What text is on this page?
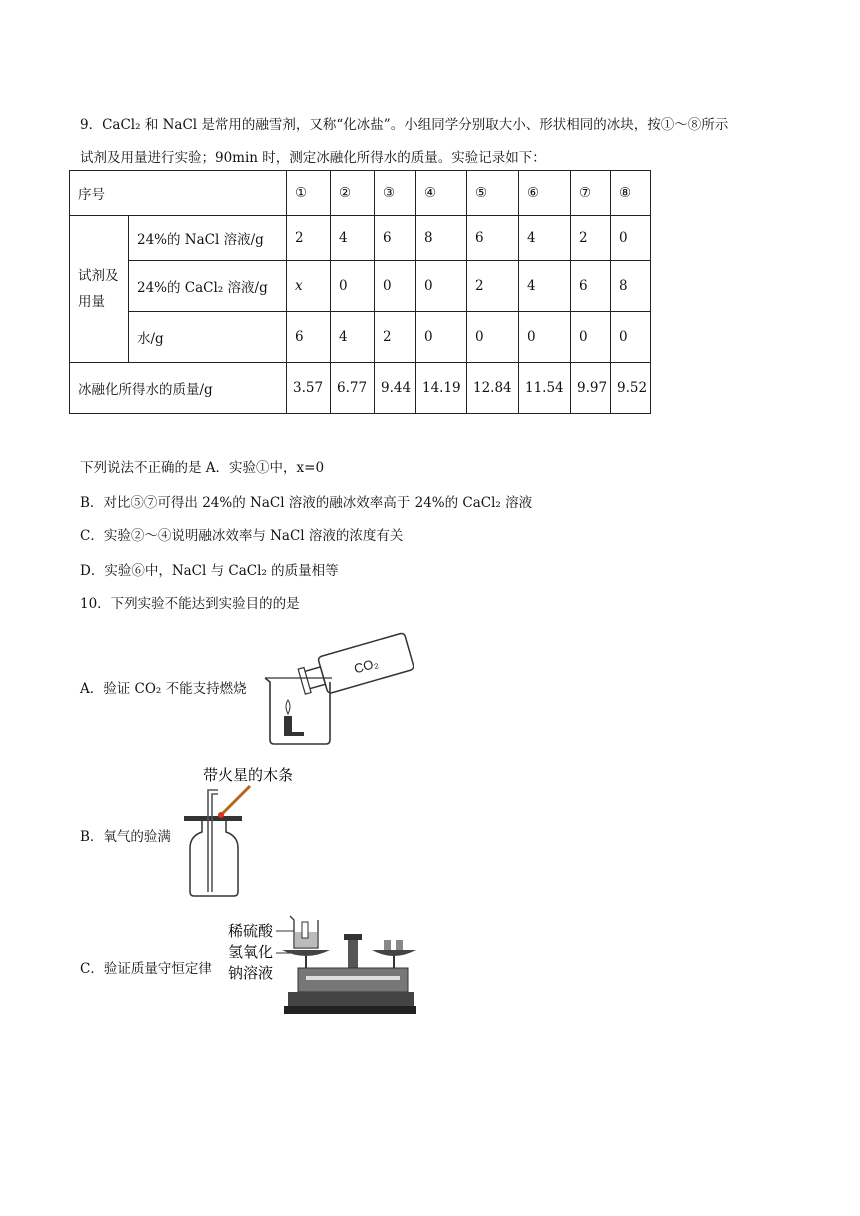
9．CaCl₂ 和 NaCl 是常用的融雪剂，又称“化冰盐”。小组同学分别取大小、形状相同的冰块，按①～⑧所示
试剂及用量进行实验；90min 时，测定冰融化所得水的质量。实验记录如下：
序号		①	②	③	④	⑤	⑥	⑦	⑧

试剂及
用量	24%的 NaCl 溶液/g	2	4	6	8	6	4	2	0
	24%的 CaCl₂ 溶液/g	x	0	0	0	2	4	6	8
	水/g	6	4	2	0	0	0	0	0
冰融化所得水的质量/g		3.57	6.77	9.44	14.19	12.84	11.54	9.97	9.52
下列说法不正确的是 A．实验①中，x=0
B．对比⑤⑦可得出 24%的 NaCl 溶液的融冰效率高于 24%的 CaCl₂ 溶液
C．实验②～④说明融冰效率与 NaCl 溶液的浓度有关
D．实验⑥中，NaCl 与 CaCl₂ 的质量相等
10．下列实验不能达到实验目的的是
A．验证 CO₂ 不能支持燃烧
CO₂
B．氧气的验满
带火星的木条
C．验证质量守恒定律
稀硫酸
氢氧化
钠溶液
